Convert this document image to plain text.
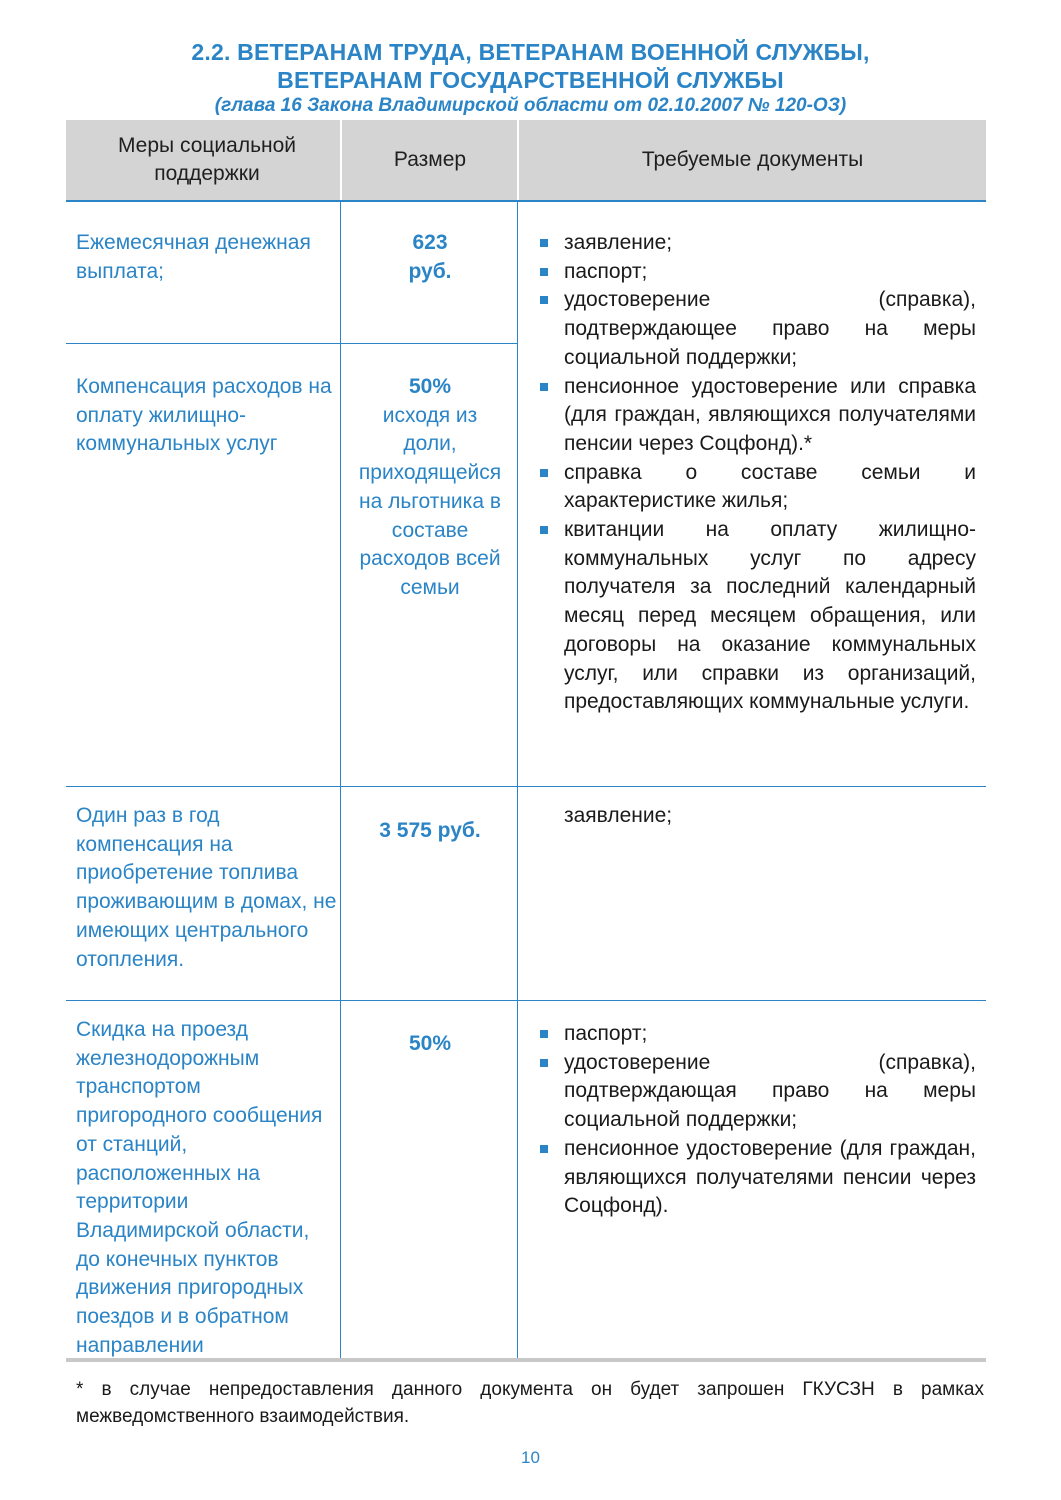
2.2. ВЕТЕРАНАМ ТРУДА, ВЕТЕРАНАМ ВОЕННОЙ СЛУЖБЫ,
ВЕТЕРАНАМ ГОСУДАРСТВЕННОЙ СЛУЖБЫ
(глава 16 Закона Владимирской области от 02.10.2007 № 120-ОЗ)
Меры социальной поддержки
Размер	Требуемые документы
Ежемесячная денежная выплата;
623 руб.
Компенсация расходов на оплату жилищно-коммунальных услуг
50%
исходя из доли, приходящейся на льготника в составе расходов всей семьи
заявление;
паспорт;
удостоверение (справка), подтверждающее право на меры социальной поддержки;
пенсионное удостоверение или справка (для граждан, являющихся получателями пенсии через Соцфонд).*
справка о составе семьи и характеристике жилья;
квитанции на оплату жилищно-коммунальных услуг по адресу получателя за последний календарный месяц перед месяцем обращения, или договоры на оказание коммунальных услуг, или справки из организаций, предоставляющих коммунальные услуги.
Один раз в год компенсация на приобретение топлива проживающим в домах, не имеющих центрального отопления.
3 575 руб.
заявление;
Скидка на проезд железнодорожным транспортом пригородного сообщения от станций, расположенных на территории Владимирской области, до конечных пунктов движения пригородных поездов и в обратном направлении
50%	паспорт;
удостоверение (справка), подтверждающая право на меры социальной поддержки;
пенсионное удостоверение (для граждан, являющихся получателями пенсии через Соцфонд).
* в случае непредоставления данного документа он будет запрошен ГКУСЗН в рамках межведомственного взаимодействия.
10
